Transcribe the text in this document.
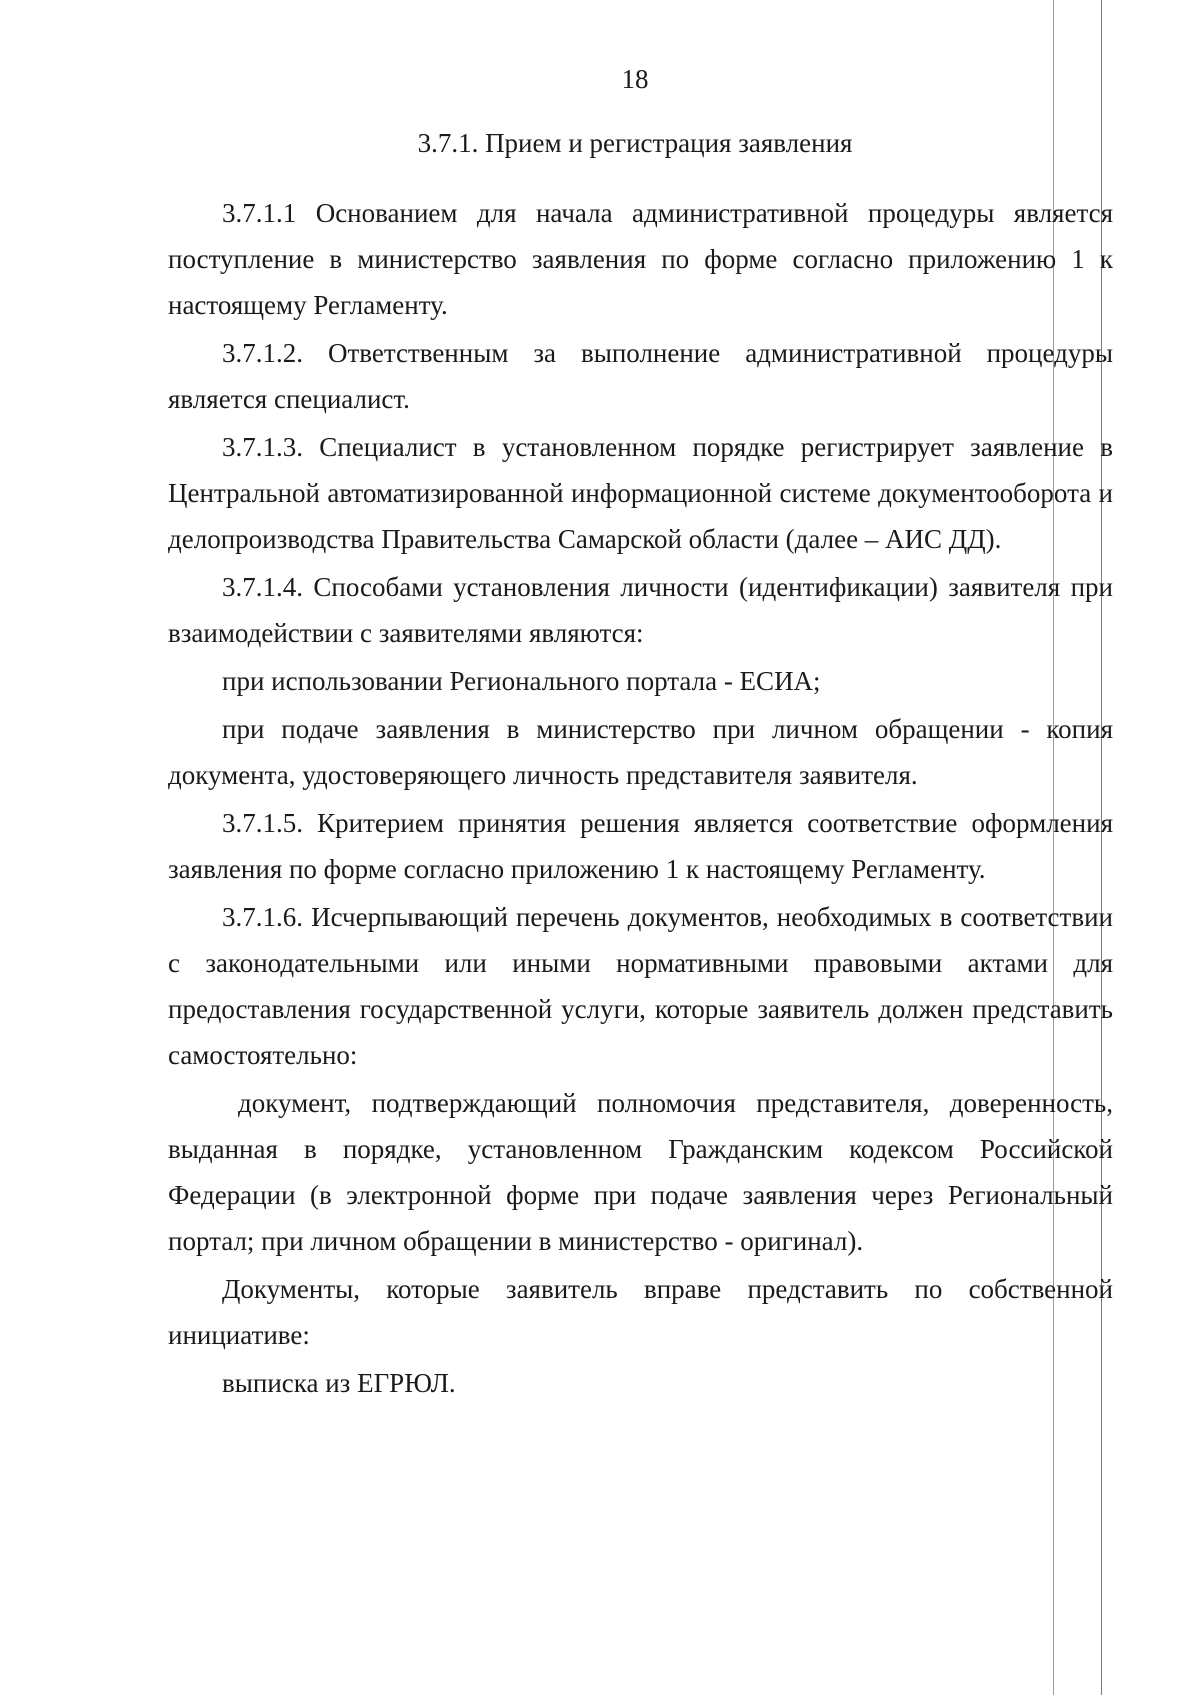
18
3.7.1. Прием и регистрация заявления

3.7.1.1 Основанием для начала административной процедуры является поступление в министерство заявления по форме согласно приложению 1 к настоящему Регламенту.

3.7.1.2. Ответственным за выполнение административной процедуры является специалист.

3.7.1.3. Специалист в установленном порядке регистрирует заявление в Центральной автоматизированной информационной системе документооборота и делопроизводства Правительства Самарской области (далее – АИС ДД).

3.7.1.4. Способами установления личности (идентификации) заявителя при взаимодействии с заявителями являются:

при использовании Регионального портала - ЕСИА;

при подаче заявления в министерство при личном обращении - копия документа, удостоверяющего личность представителя заявителя.

3.7.1.5. Критерием принятия решения является соответствие оформления заявления по форме согласно приложению 1 к настоящему Регламенту.

3.7.1.6. Исчерпывающий перечень документов, необходимых в соответствии с законодательными или иными нормативными правовыми актами для предоставления государственной услуги, которые заявитель должен представить самостоятельно:

документ, подтверждающий полномочия представителя, доверенность, выданная в порядке, установленном Гражданским кодексом Российской Федерации (в электронной форме при подаче заявления через Региональный портал; при личном обращении в министерство - оригинал).

Документы, которые заявитель вправе представить по собственной инициативе:

выписка из ЕГРЮЛ.
